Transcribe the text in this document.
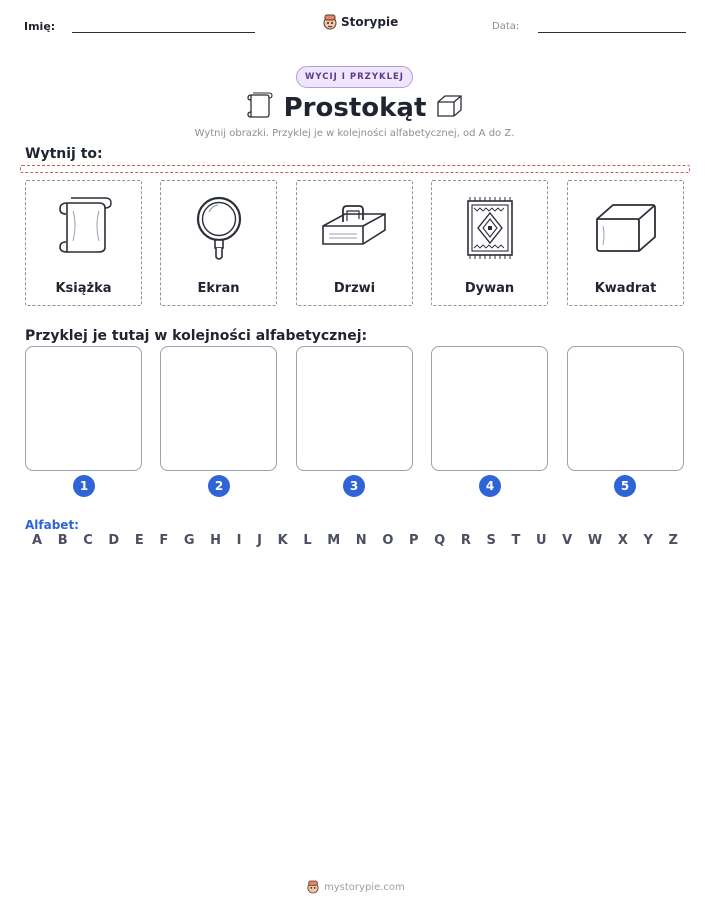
Imię:	Storypie	Data:
WYCIJ I PRZYKLEJ
Prostokąt
Wytnij obrazki. Przyklej je w kolejności alfabetycznej, od A do Z.
Wytnij to:
Książka	Ekran	Drzwi	Dywan	Kwadrat
Przyklej je tutaj w kolejności alfabetycznej:
1	2	3	4	5
Alfabet:
A B C D E F G H I J K L M N O P Q R S T U V W X Y Z
mystorypie.com
